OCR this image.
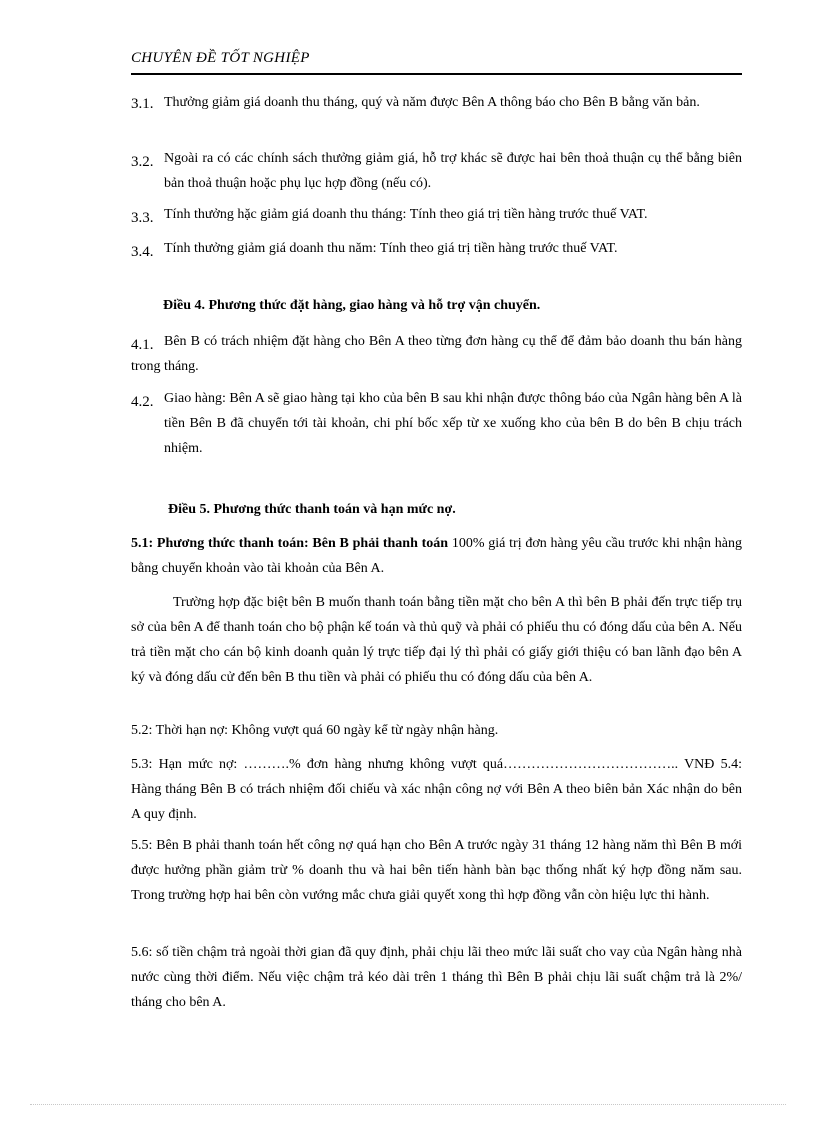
CHUYÊN ĐỀ TỐT NGHIỆP
3.1. Thưởng giảm giá doanh thu tháng, quý và năm được Bên A thông báo cho Bên B bằng văn bản.
3.2. Ngoài ra có các chính sách thưởng giảm giá, hỗ trợ khác sẽ được hai bên thoả thuận cụ thể bằng biên bản thoả thuận hoặc phụ lục hợp đồng (nếu có).
3.3. Tính thưởng hặc giảm giá doanh thu tháng: Tính theo giá trị tiền hàng trước thuế VAT.
3.4. Tính thưởng giảm giá doanh thu năm: Tính theo giá trị tiền hàng trước thuế VAT.
Điều 4. Phương thức đặt hàng, giao hàng và hỗ trợ vận chuyển.
4.1. Bên B có trách nhiệm đặt hàng cho Bên A theo từng đơn hàng cụ thể để đảm bảo doanh thu bán hàng trong tháng.
4.2. Giao hàng: Bên A sẽ giao hàng tại kho của bên B sau khi nhận được thông báo của Ngân hàng bên A là tiền Bên B đã chuyển tới tài khoản, chi phí bốc xếp từ xe xuống kho của bên B do bên B chịu trách nhiệm.
Điều 5. Phương thức thanh toán và hạn mức nợ.
5.1: Phương thức thanh toán: Bên B phải thanh toán 100% giá trị đơn hàng yêu cầu trước khi nhận hàng bằng chuyển khoản vào tài khoản của Bên A.
Trường hợp đặc biệt bên B muốn thanh toán bằng tiền mặt cho bên A thì bên B phải đến trực tiếp trụ sở của bên A để thanh toán cho bộ phận kế toán và thủ quỹ và phải có phiếu thu có đóng dấu của bên A. Nếu trả tiền mặt cho cán bộ kinh doanh quản lý trực tiếp đại lý thì phải có giấy giới thiệu có ban lãnh đạo bên A ký và đóng dấu cử đến bên B thu tiền và phải có phiếu thu có đóng dấu của bên A.
5.2: Thời hạn nợ: Không vượt quá 60 ngày kể từ ngày nhận hàng.
5.3: Hạn mức nợ: ……….% đơn hàng nhưng không vượt quá……………………………….. VNĐ 5.4: Hàng tháng Bên B có trách nhiệm đối chiếu và xác nhận công nợ với Bên A theo biên bản Xác nhận do bên A quy định.
5.5: Bên B phải thanh toán hết công nợ quá hạn cho Bên A trước ngày 31 tháng 12 hàng năm thì Bên B mới được hưởng phần giảm trừ % doanh thu và hai bên tiến hành bàn bạc thống nhất ký hợp đồng năm sau. Trong trường hợp hai bên còn vướng mắc chưa giải quyết xong thì hợp đồng vẫn còn hiệu lực thi hành.
5.6: số tiền chậm trả ngoài thời gian đã quy định, phải chịu lãi theo mức lãi suất cho vay của Ngân hàng nhà nước cùng thời điểm. Nếu việc chậm trả kéo dài trên 1 tháng thì Bên B phải chịu lãi suất chậm trả là 2%/ tháng cho bên A.
